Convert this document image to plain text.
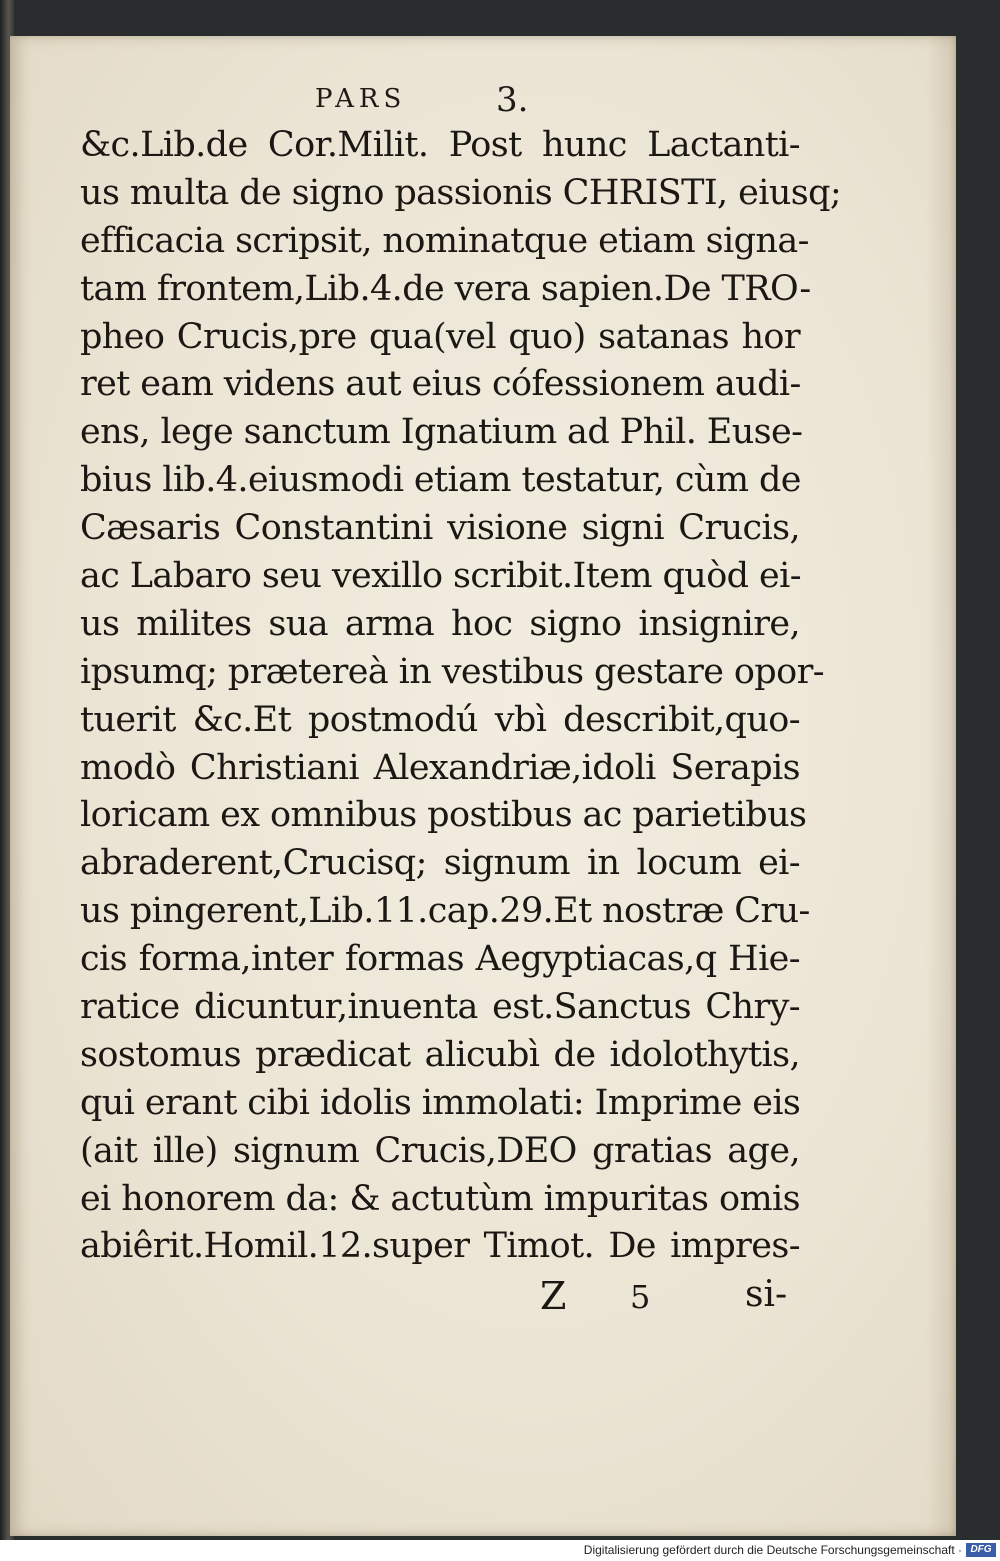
PARS	3.
&c.Lib.de Cor.Milit. Post hunc Lactanti-
us multa de signo passionis CHRISTI, eiusq;
efficacia scripsit, nominatque etiam signa-
tam frontem,Lib.4.de vera sapien.De TRO-
pheo Crucis,pre qua(vel quo) satanas hor
ret eam videns aut eius cófessionem audi-
ens, lege sanctum Ignatium ad Phil. Euse-
bius lib.4.eiusmodi etiam testatur, cùm de
Cæsaris Constantini visione signi Crucis,
ac Labaro seu vexillo scribit.Item quòd ei-
us milites sua arma hoc signo insignire,
ipsumq; prætereà in vestibus gestare opor-
tuerit &c.Et postmodú vbì describit,quo-
modò Christiani Alexandriæ,idoli Serapis
loricam ex omnibus postibus ac parietibus
abraderent,Crucisq; signum in locum ei-
us pingerent,Lib.11.cap.29.Et nostræ Cru-
cis forma,inter formas Aegyptiacas,q Hie-
ratice dicuntur,inuenta est.Sanctus Chry-
sostomus prædicat alicubì de idolothytis,
qui erant cibi idolis immolati: Imprime eis
(ait ille) signum Crucis,DEO gratias age,
ei honorem da: & actutùm impuritas omis
abiêrit.Homil.12.super Timot. De impres-
Z 5	si-
Digitalisierung gefördert durch die Deutsche Forschungsgemeinschaft · DFG
